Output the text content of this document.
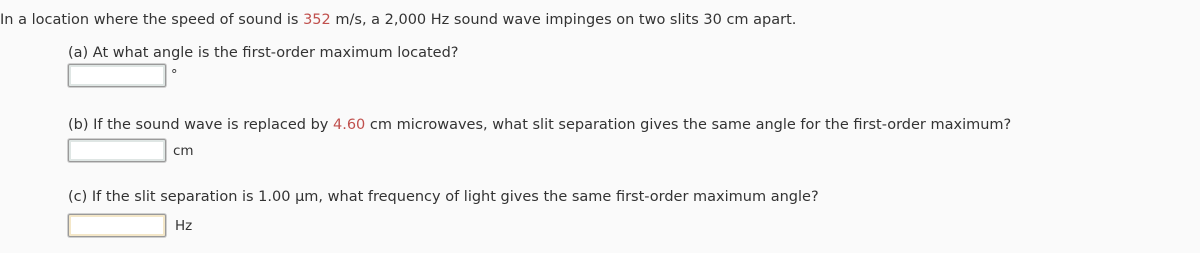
In a location where the speed of sound is 352 m/s, a 2,000 Hz sound wave impinges on two slits 30 cm apart.
(a) At what angle is the first-order maximum located?
°
(b) If the sound wave is replaced by 4.60 cm microwaves, what slit separation gives the same angle for the first-order maximum?
cm
(c) If the slit separation is 1.00 μm, what frequency of light gives the same first-order maximum angle?
Hz
